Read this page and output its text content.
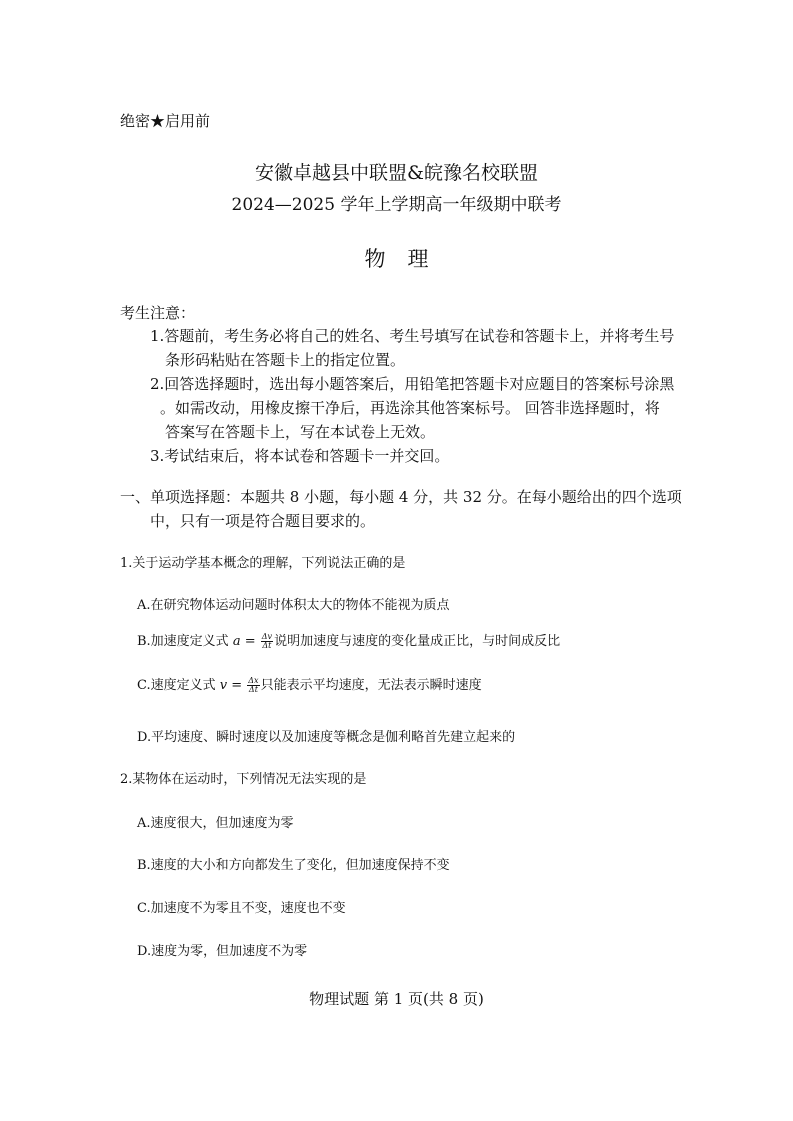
绝密★启用前
安徽卓越县中联盟&皖豫名校联盟
2024—2025 学年上学期高一年级期中联考
物理
考生注意：
1.答题前，考生务必将自己的姓名、考生号填写在试卷和答题卡上，并将考生号
条形码粘贴在答题卡上的指定位置。
2.回答选择题时，选出每小题答案后，用铅笔把答题卡对应题目的答案标号涂黑
。如需改动，用橡皮擦干净后，再选涂其他答案标号。 回答非选择题时，将
答案写在答题卡上，写在本试卷上无效。
3.考试结束后，将本试卷和答题卡一并交回。
一、单项选择题：本题共 8 小题，每小题 4 分，共 32 分。在每小题给出的四个选项
中，只有一项是符合题目要求的。
1.关于运动学基本概念的理解，下列说法正确的是
A.在研究物体运动问题时体积太大的物体不能视为质点
B.加速度定义式 $a = \frac{\Delta v}{\Delta t}$ 说明加速度与速度的变化量成正比，与时间成反比
C.速度定义式 $v = \frac{\Delta x}{\Delta t}$ 只能表示平均速度，无法表示瞬时速度
D.平均速度、瞬时速度以及加速度等概念是伽利略首先建立起来的
2.某物体在运动时，下列情况无法实现的是
A.速度很大，但加速度为零
B.速度的大小和方向都发生了变化，但加速度保持不变
C.加速度不为零且不变，速度也不变
D.速度为零，但加速度不为零
物理试题 第 1 页(共 8 页)
